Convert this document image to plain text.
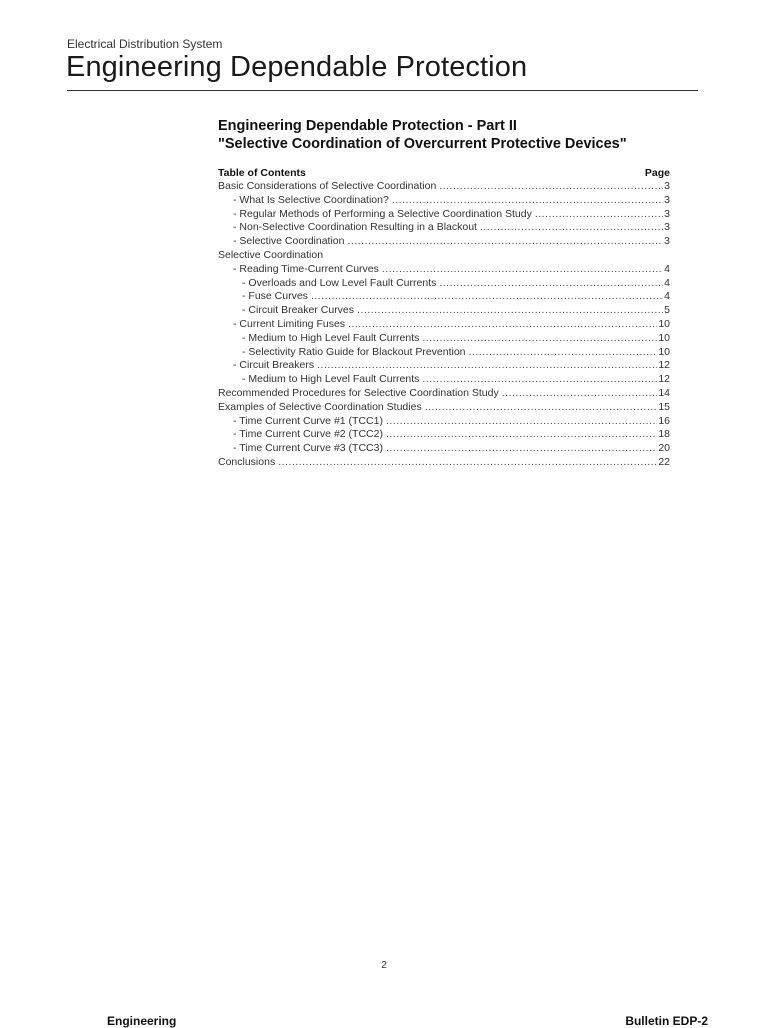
Electrical Distribution System
Engineering Dependable Protection
Engineering Dependable Protection - Part II
"Selective Coordination of Overcurrent Protective Devices"
Table of Contents	Page
Basic Considerations of Selective Coordination .....	3
- What Is Selective Coordination? .....	3
- Regular Methods of Performing a Selective Coordination Study .....	3
- Non-Selective Coordination Resulting in a Blackout .....	3
- Selective Coordination .....	3
Selective Coordination
- Reading Time-Current Curves .....	4
- Overloads and Low Level Fault Currents .....	4
- Fuse Curves .....	4
- Circuit Breaker Curves .....	5
- Current Limiting Fuses .....	10
- Medium to High Level Fault Currents .....	10
- Selectivity Ratio Guide for Blackout Prevention .....	10
- Circuit Breakers .....	12
- Medium to High Level Fault Currents .....	12
Recommended Procedures for Selective Coordination Study .....	14
Examples of Selective Coordination Studies .....	15
- Time Current Curve #1 (TCC1) .....	16
- Time Current Curve #2 (TCC2) .....	18
- Time Current Curve #3 (TCC3) .....	20
Conclusions .....	22
2
Engineering	Bulletin EDP-2
